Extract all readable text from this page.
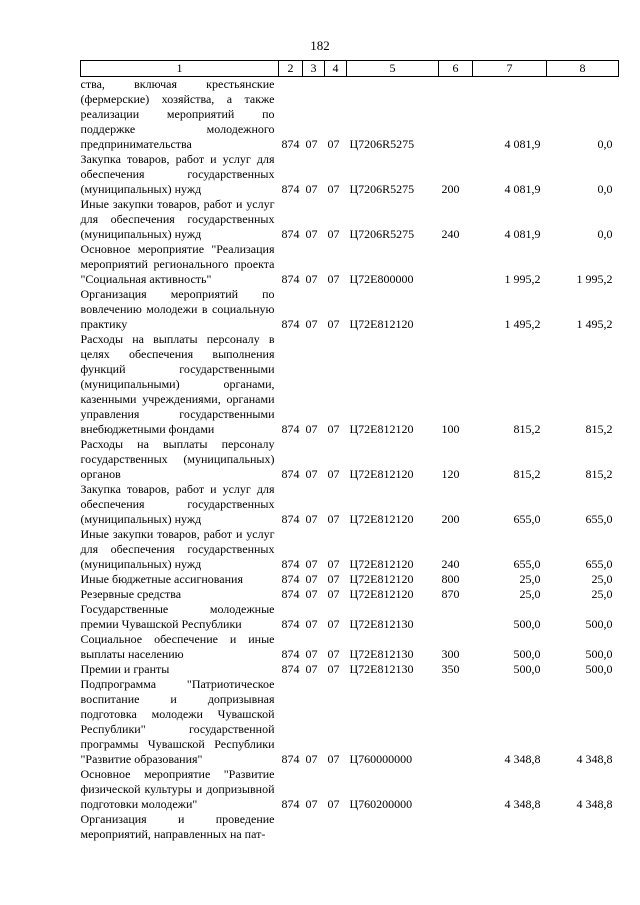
182
1	2	3	4	5	6	7	8
ства, включая крестьянские (фермерские) хозяйства, а также реализации мероприятий по поддержке молодежного предпринимательства	874	07	07	Ц7206R5275		4 081,9	0,0
Закупка товаров, работ и услуг для обеспечения государственных (муниципальных) нужд	874	07	07	Ц7206R5275	200	4 081,9	0,0
Иные закупки товаров, работ и услуг для обеспечения государственных (муниципальных) нужд	874	07	07	Ц7206R5275	240	4 081,9	0,0
Основное мероприятие "Реализация мероприятий регионального проекта "Социальная активность"	874	07	07	Ц72Е800000		1 995,2	1 995,2
Организация мероприятий по вовлечению молодежи в социальную практику	874	07	07	Ц72Е812120		1 495,2	1 495,2
Расходы на выплаты персоналу в целях обеспечения выполнения функций государственными (муниципальными) органами, казенными учреждениями, органами управления государственными внебюджетными фондами	874	07	07	Ц72Е812120	100	815,2	815,2
Расходы на выплаты персоналу государственных (муниципальных) органов	874	07	07	Ц72Е812120	120	815,2	815,2
Закупка товаров, работ и услуг для обеспечения государственных (муниципальных) нужд	874	07	07	Ц72Е812120	200	655,0	655,0
Иные закупки товаров, работ и услуг для обеспечения государственных (муниципальных) нужд	874	07	07	Ц72Е812120	240	655,0	655,0
Иные бюджетные ассигнования	874	07	07	Ц72Е812120	800	25,0	25,0
Резервные средства	874	07	07	Ц72Е812120	870	25,0	25,0
Государственные молодежные премии Чувашской Республики	874	07	07	Ц72Е812130		500,0	500,0
Социальное обеспечение и иные выплаты населению	874	07	07	Ц72Е812130	300	500,0	500,0
Премии и гранты	874	07	07	Ц72Е812130	350	500,0	500,0
Подпрограмма "Патриотическое воспитание и допризывная подготовка молодежи Чувашской Республики" государственной программы Чувашской Республики "Развитие образования"	874	07	07	Ц760000000		4 348,8	4 348,8
Основное мероприятие "Развитие физической культуры и допризывной подготовки молодежи"	874	07	07	Ц760200000		4 348,8	4 348,8
Организация и проведение мероприятий, направленных на пат-							
